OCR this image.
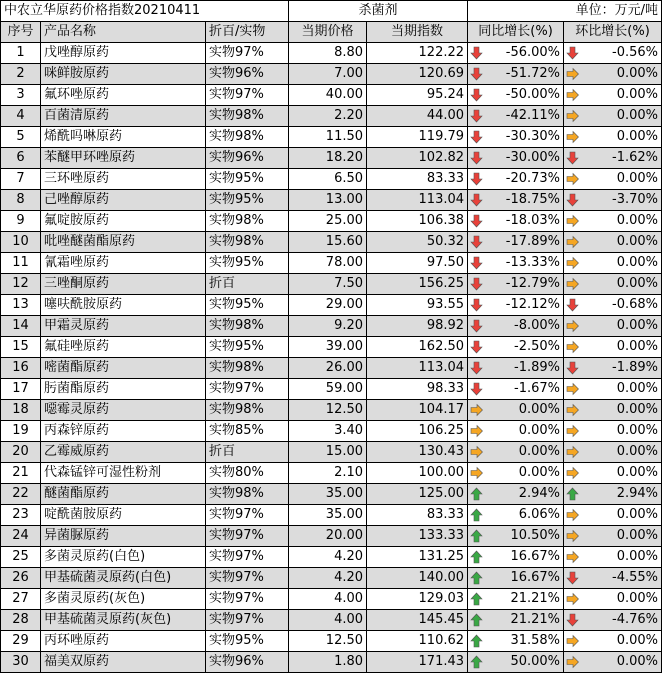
中农立华原药价格指数20210411			杀菌剂		单位：万元/吨	
序号	产品名称	折百/实物	当期价格	当期指数	同比增长(%)	环比增长(%)
1	戊唑醇原药	实物97%	8.80	122.22	-56.00%	-0.56%
2	咪鲜胺原药	实物96%	7.00	120.69	-51.72%	0.00%
3	氟环唑原药	实物97%	40.00	95.24	-50.00%	0.00%
4	百菌清原药	实物98%	2.20	44.00	-42.11%	0.00%
5	烯酰吗啉原药	实物98%	11.50	119.79	-30.30%	0.00%
6	苯醚甲环唑原药	实物96%	18.20	102.82	-30.00%	-1.62%
7	三环唑原药	实物95%	6.50	83.33	-20.73%	0.00%
8	己唑醇原药	实物95%	13.00	113.04	-18.75%	-3.70%
9	氟啶胺原药	实物98%	25.00	106.38	-18.03%	0.00%
10	吡唑醚菌酯原药	实物98%	15.60	50.32	-17.89%	0.00%
11	氰霜唑原药	实物95%	78.00	97.50	-13.33%	0.00%
12	三唑酮原药	折百	7.50	156.25	-12.79%	0.00%
13	噻呋酰胺原药	实物95%	29.00	93.55	-12.12%	-0.68%
14	甲霜灵原药	实物98%	9.20	98.92	-8.00%	0.00%
15	氟硅唑原药	实物95%	39.00	162.50	-2.50%	0.00%
16	嘧菌酯原药	实物98%	26.00	113.04	-1.89%	-1.89%
17	肟菌酯原药	实物97%	59.00	98.33	-1.67%	0.00%
18	噁霉灵原药	实物98%	12.50	104.17	0.00%	0.00%
19	丙森锌原药	实物85%	3.40	106.25	0.00%	0.00%
20	乙霉威原药	折百	15.00	130.43	0.00%	0.00%
21	代森锰锌可湿性粉剂	实物80%	2.10	100.00	0.00%	0.00%
22	醚菌酯原药	实物98%	35.00	125.00	2.94%	2.94%
23	啶酰菌胺原药	实物97%	35.00	83.33	6.06%	0.00%
24	异菌脲原药	实物97%	20.00	133.33	10.50%	0.00%
25	多菌灵原药(白色)	实物97%	4.20	131.25	16.67%	0.00%
26	甲基硫菌灵原药(白色)	实物97%	4.20	140.00	16.67%	-4.55%
27	多菌灵原药(灰色)	实物97%	4.00	129.03	21.21%	0.00%
28	甲基硫菌灵原药(灰色)	实物97%	4.00	145.45	21.21%	-4.76%
29	丙环唑原药	实物95%	12.50	110.62	31.58%	0.00%
30	福美双原药	实物96%	1.80	171.43	50.00%	0.00%
